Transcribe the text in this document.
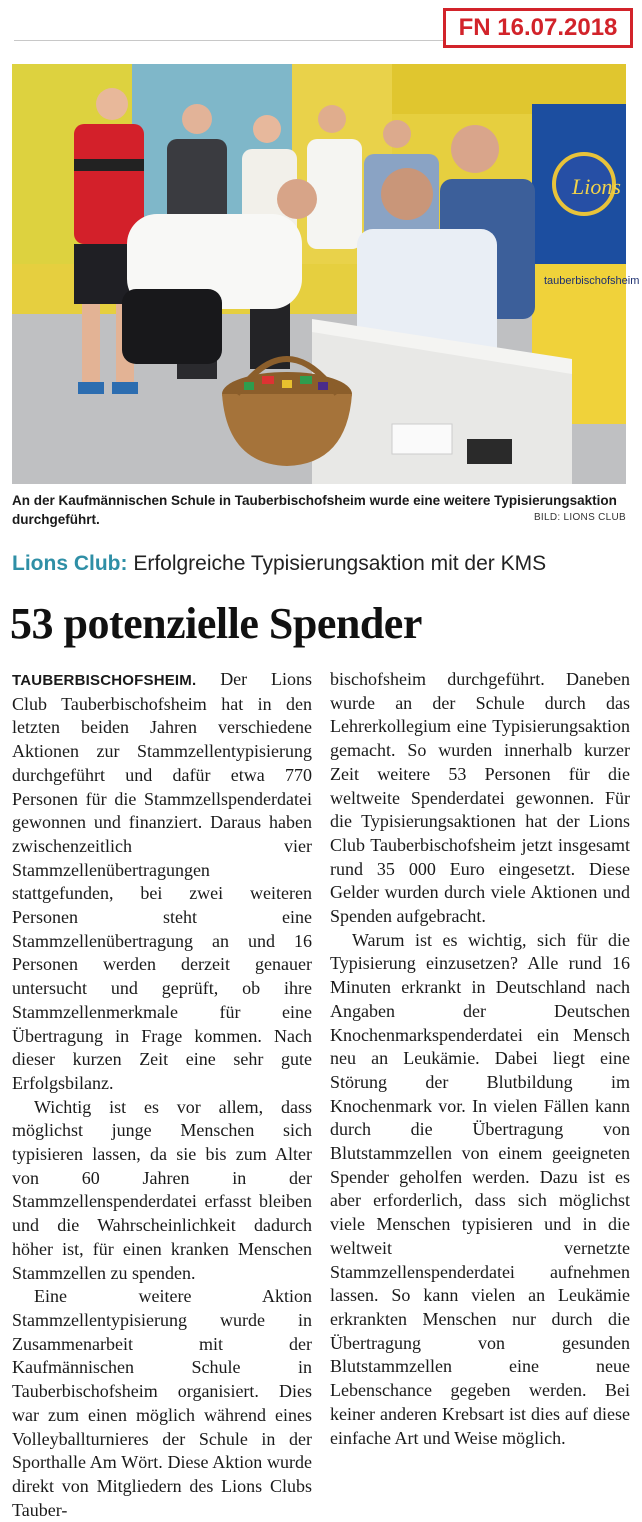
FN 16.07.2018
Lions
tauberbischofsheim
An der Kaufmännischen Schule in Tauberbischofsheim wurde eine weitere Typisierungsaktion durchgeführt.	BILD: LIONS CLUB
Lions Club: Erfolgreiche Typisierungsaktion mit der KMS
53 potenzielle Spender

TAUBERBISCHOFSHEIM. Der Lions Club Tauberbischofsheim hat in den letzten beiden Jahren verschiedene Aktionen zur Stammzellentypisierung durchgeführt und dafür etwa 770 Personen für die Stammzellspenderdatei gewonnen und finanziert. Daraus haben zwischenzeitlich vier Stammzellenübertragungen stattgefunden, bei zwei weiteren Personen steht eine Stammzellenübertragung an und 16 Personen werden derzeit genauer untersucht und geprüft, ob ihre Stammzellenmerkmale für eine Übertragung in Frage kommen. Nach dieser kurzen Zeit eine sehr gute Erfolgsbilanz.

Wichtig ist es vor allem, dass möglichst junge Menschen sich typisieren lassen, da sie bis zum Alter von 60 Jahren in der Stammzellenspenderdatei erfasst bleiben und die Wahrscheinlichkeit dadurch höher ist, für einen kranken Menschen Stammzellen zu spenden.

Eine weitere Aktion Stammzellentypisierung wurde in Zusammenarbeit mit der Kaufmännischen Schule in Tauberbischofsheim organisiert. Dies war zum einen möglich während eines Volleyballturnieres der Schule in der Sporthalle Am Wört. Diese Aktion wurde direkt von Mitgliedern des Lions Clubs Tauber-

bischofsheim durchgeführt. Daneben wurde an der Schule durch das Lehrerkollegium eine Typisierungsaktion gemacht. So wurden innerhalb kurzer Zeit weitere 53 Personen für die weltweite Spenderdatei gewonnen. Für die Typisierungsaktionen hat der Lions Club Tauberbischofsheim jetzt insgesamt rund 35 000 Euro eingesetzt. Diese Gelder wurden durch viele Aktionen und Spenden aufgebracht.

Warum ist es wichtig, sich für die Typisierung einzusetzen? Alle rund 16 Minuten erkrankt in Deutschland nach Angaben der Deutschen Knochenmarkspenderdatei ein Mensch neu an Leukämie. Dabei liegt eine Störung der Blutbildung im Knochenmark vor. In vielen Fällen kann durch die Übertragung von Blutstammzellen von einem geeigneten Spender geholfen werden. Dazu ist es aber erforderlich, dass sich möglichst viele Menschen typisieren und in die weltweit vernetzte Stammzellenspenderdatei aufnehmen lassen. So kann vielen an Leukämie erkrankten Menschen nur durch die Übertragung von gesunden Blutstammzellen eine neue Lebenschance gegeben werden. Bei keiner anderen Krebsart ist dies auf diese einfache Art und Weise möglich.
